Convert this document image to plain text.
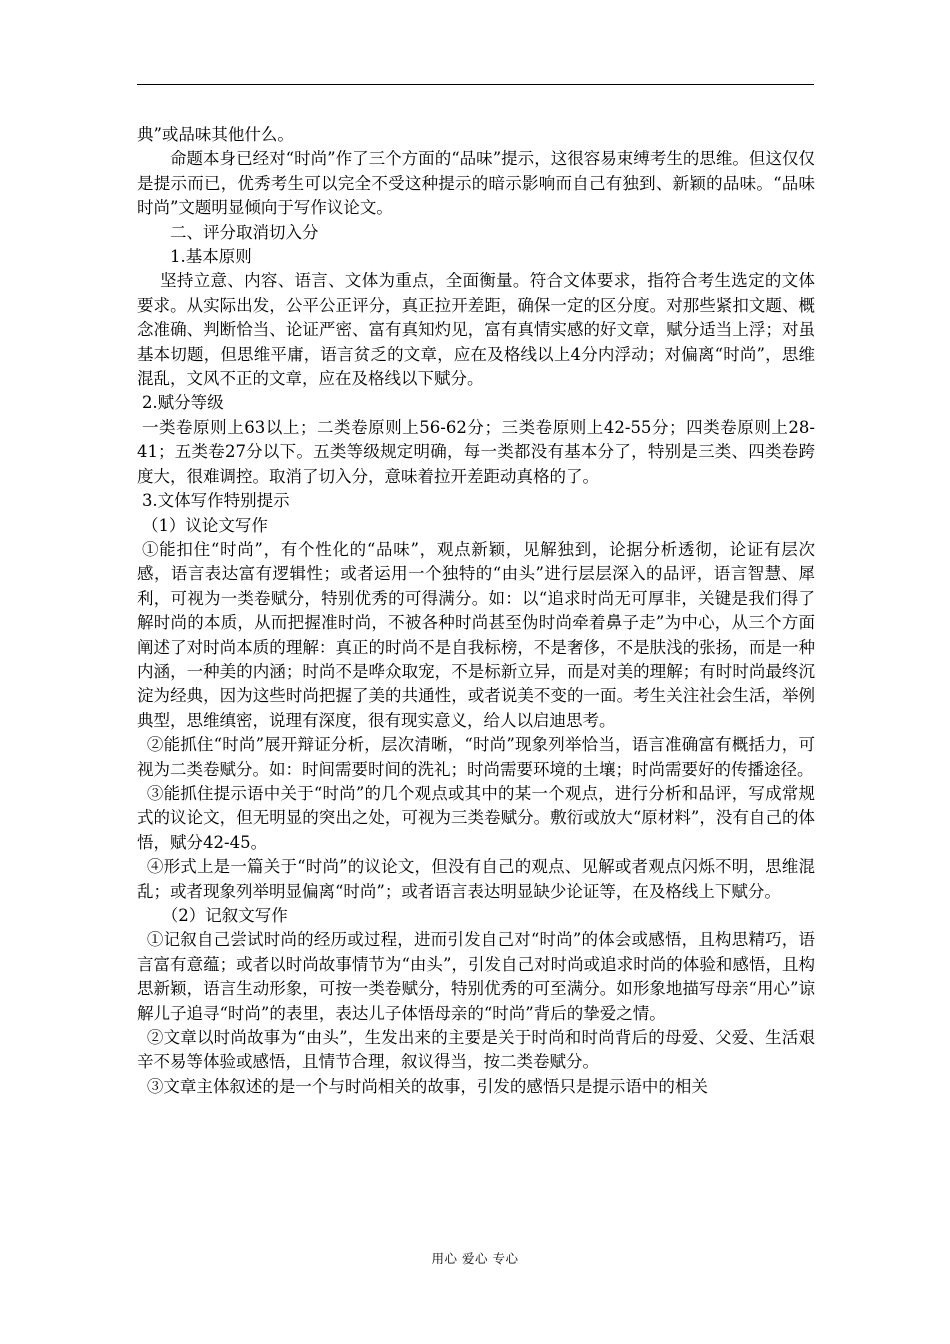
典”或品味其他什么。

命题本身已经对“时尚”作了三个方面的“品味”提示，这很容易束缚考生的思维。但这仅仅是提示而已，优秀考生可以完全不受这种提示的暗示影响而自己有独到、新颖的品味。“品味时尚”文题明显倾向于写作议论文。

二、评分取消切入分

1.基本原则

坚持立意、内容、语言、文体为重点，全面衡量。符合文体要求，指符合考生选定的文体要求。从实际出发，公平公正评分，真正拉开差距，确保一定的区分度。对那些紧扣文题、概念准确、判断恰当、论证严密、富有真知灼见，富有真情实感的好文章，赋分适当上浮；对虽基本切题，但思维平庸，语言贫乏的文章，应在及格线以上4分内浮动；对偏离“时尚”，思维混乱，文风不正的文章，应在及格线以下赋分。

2.赋分等级

一类卷原则上63以上；二类卷原则上56-62分；三类卷原则上42-55分；四类卷原则上28-41；五类卷27分以下。五类等级规定明确，每一类都没有基本分了，特别是三类、四类卷跨度大，很难调控。取消了切入分，意味着拉开差距动真格的了。

3.文体写作特别提示

（1）议论文写作

①能扣住“时尚”，有个性化的“品味”，观点新颖，见解独到，论据分析透彻，论证有层次感，语言表达富有逻辑性；或者运用一个独特的“由头”进行层层深入的品评，语言智慧、犀利，可视为一类卷赋分，特别优秀的可得满分。如：以“追求时尚无可厚非，关键是我们得了解时尚的本质，从而把握准时尚，不被各种时尚甚至伪时尚牵着鼻子走”为中心，从三个方面阐述了对时尚本质的理解：真正的时尚不是自我标榜，不是奢侈，不是肤浅的张扬，而是一种内涵，一种美的内涵；时尚不是哗众取宠，不是标新立异，而是对美的理解；有时时尚最终沉淀为经典，因为这些时尚把握了美的共通性，或者说美不变的一面。考生关注社会生活，举例典型，思维缜密，说理有深度，很有现实意义，给人以启迪思考。

②能抓住“时尚”展开辩证分析，层次清晰，“时尚”现象列举恰当，语言准确富有概括力，可视为二类卷赋分。如：时间需要时间的洗礼；时尚需要环境的土壤；时尚需要好的传播途径。

③能抓住提示语中关于“时尚”的几个观点或其中的某一个观点，进行分析和品评，写成常规式的议论文，但无明显的突出之处，可视为三类卷赋分。敷衍或放大“原材料”，没有自己的体悟，赋分42-45。

④形式上是一篇关于“时尚”的议论文，但没有自己的观点、见解或者观点闪烁不明，思维混乱；或者现象列举明显偏离“时尚”；或者语言表达明显缺少论证等，在及格线上下赋分。

（2）记叙文写作

①记叙自己尝试时尚的经历或过程，进而引发自己对“时尚”的体会或感悟，且构思精巧，语言富有意蕴；或者以时尚故事情节为“由头”，引发自己对时尚或追求时尚的体验和感悟，且构思新颖，语言生动形象，可按一类卷赋分，特别优秀的可至满分。如形象地描写母亲“用心”谅解儿子追寻“时尚”的表里，表达儿子体悟母亲的“时尚”背后的挚爱之情。

②文章以时尚故事为“由头”，生发出来的主要是关于时尚和时尚背后的母爱、父爱、生活艰辛不易等体验或感悟，且情节合理，叙议得当，按二类卷赋分。

③文章主体叙述的是一个与时尚相关的故事，引发的感悟只是提示语中的相关

用心 爱心 专心
